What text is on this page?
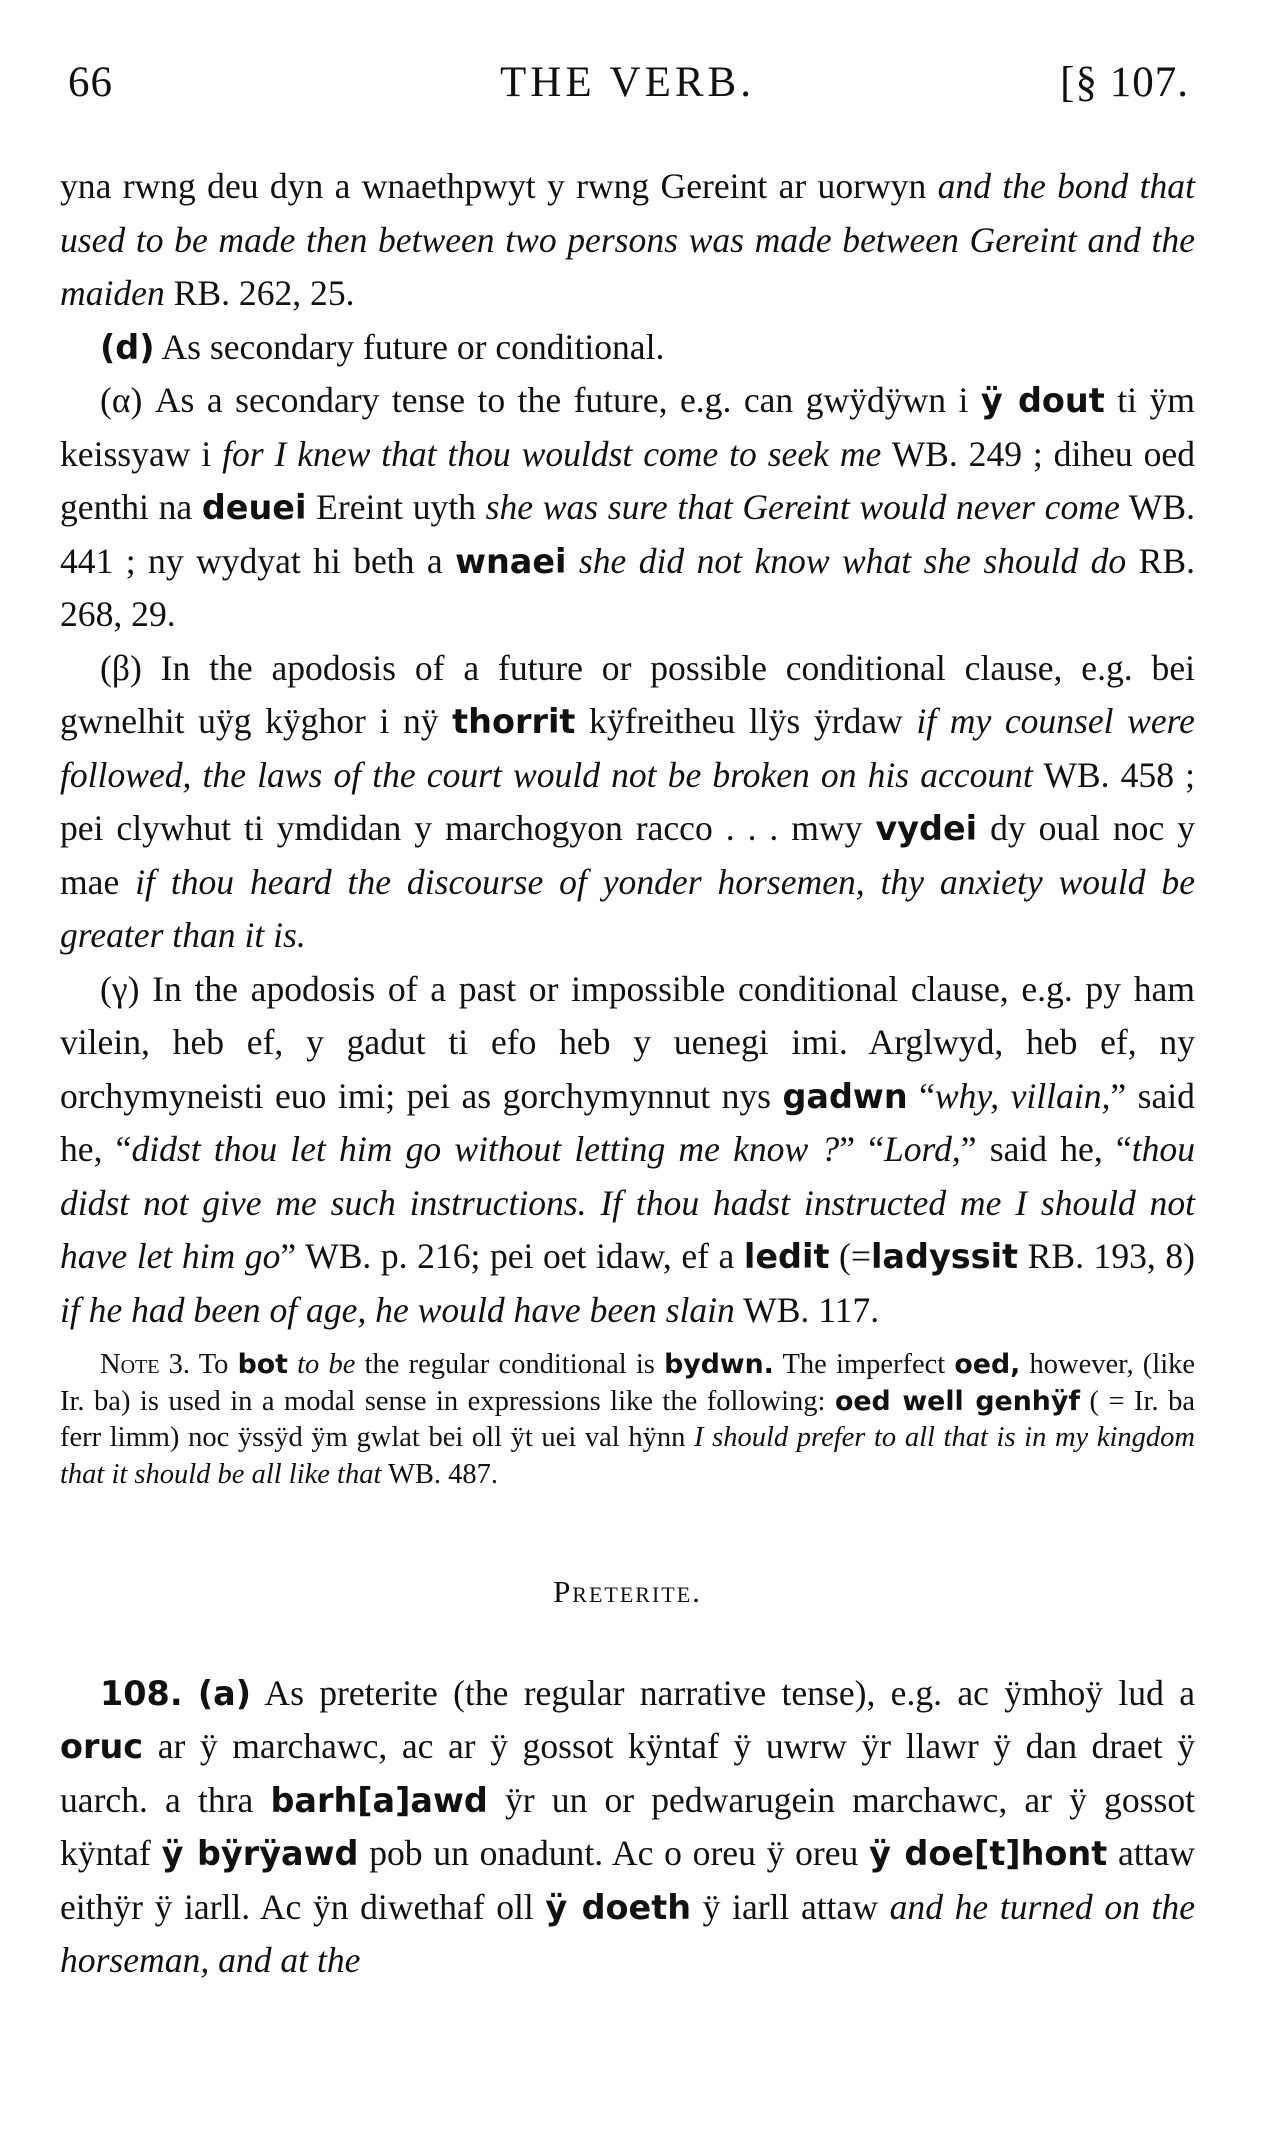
66	THE VERB.	[§ 107.

yna rwng deu dyn a wnaethpwyt y rwng Gereint ar uorwyn and the bond that used to be made then between two persons was made between Gereint and the maiden RB. 262, 25.

(d) As secondary future or conditional.

(α) As a secondary tense to the future, e.g. can gwÿdÿwn i ÿ dout ti ÿm keissyaw i for I knew that thou wouldst come to seek me WB. 249 ; diheu oed genthi na deuei Ereint uyth she was sure that Gereint would never come WB. 441 ; ny wydyat hi beth a wnaei she did not know what she should do RB. 268, 29.

(β) In the apodosis of a future or possible conditional clause, e.g. bei gwnelhit uÿg kÿghor i nÿ thorrit kÿfreitheu llÿs ÿrdaw if my counsel were followed, the laws of the court would not be broken on his account WB. 458 ; pei clywhut ti ymdidan y marchogyon racco . . . mwy vydei dy oual noc y mae if thou heard the discourse of yonder horsemen, thy anxiety would be greater than it is.

(γ) In the apodosis of a past or impossible conditional clause, e.g. py ham vilein, heb ef, y gadut ti efo heb y uenegi imi. Arglwyd, heb ef, ny orchymyneisti euo imi; pei as gorchymynnut nys gadwn “why, villain,” said he, “didst thou let him go without letting me know ?” “Lord,” said he, “thou didst not give me such instructions. If thou hadst instructed me I should not have let him go” WB. p. 216; pei oet idaw, ef a ledit (=ladyssit RB. 193, 8) if he had been of age, he would have been slain WB. 117.

Note 3. To bot to be the regular conditional is bydwn. The imperfect oed, however, (like Ir. ba) is used in a modal sense in expressions like the following: oed well genhÿf ( = Ir. ba ferr limm) noc ÿssÿd ÿm gwlat bei oll ÿt uei val hÿnn I should prefer to all that is in my kingdom that it should be all like that WB. 487.

Preterite.

108. (a) As preterite (the regular narrative tense), e.g. ac ÿmhoÿ lud a oruc ar ÿ marchawc, ac ar ÿ gossot kÿntaf ÿ uwrw ÿr llawr ÿ dan draet ÿ uarch. a thra barh[a]awd ÿr un or pedwarugein marchawc, ar ÿ gossot kÿntaf ÿ bÿrÿawd pob un onadunt. Ac o oreu ÿ oreu ÿ doe[t]hont attaw eithÿr ÿ iarll. Ac ÿn diwethaf oll ÿ doeth ÿ iarll attaw and he turned on the horseman, and at the
